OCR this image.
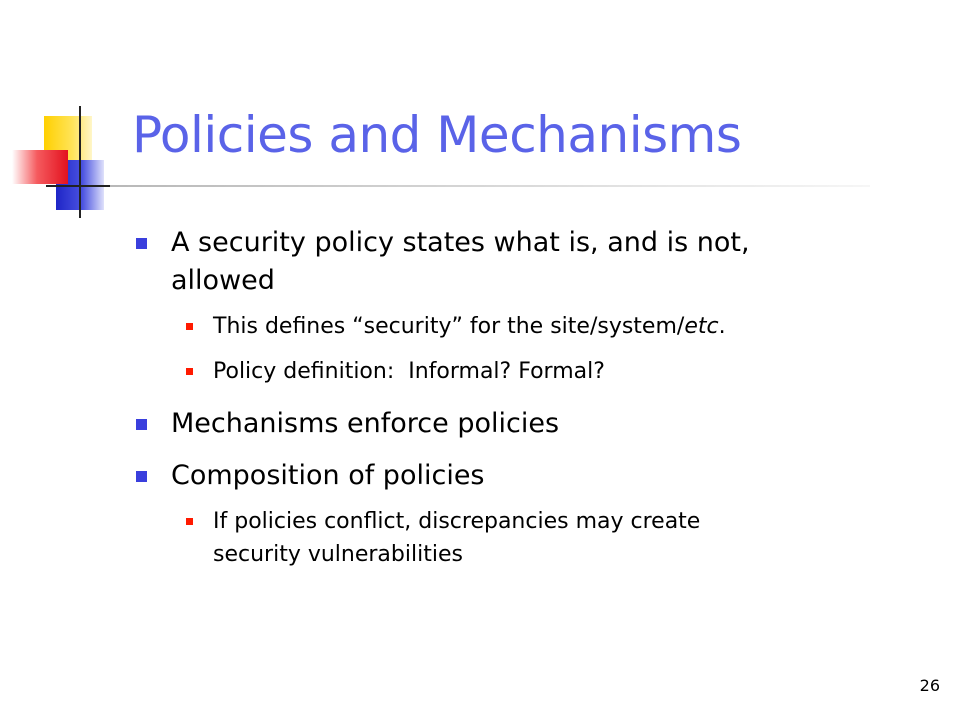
Policies and Mechanisms
A security policy states what is, and is not,
allowed
This defines “security” for the site/system/etc.
Policy definition:  Informal? Formal?
Mechanisms enforce policies
Composition of policies
If policies conflict, discrepancies may create
security vulnerabilities
26
